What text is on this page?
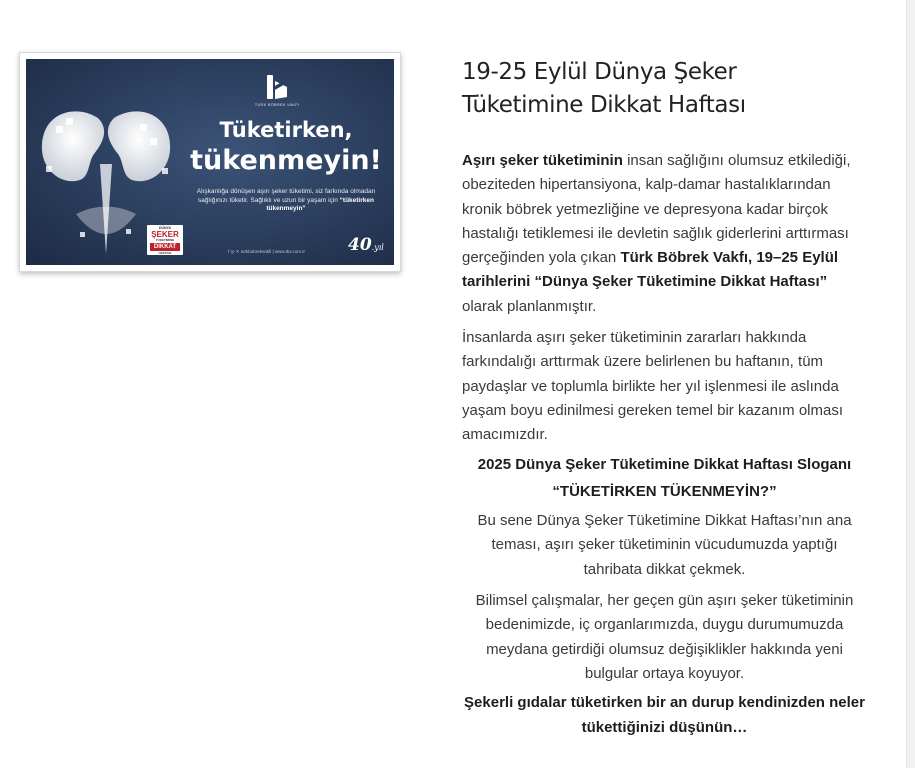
TÜRK BÖBREK VAKFI
Tüketirken,
tükenmeyin!
Alışkanlığa dönüşen aşırı şeker tüketimi, siz farkında olmadan sağlığınızı tüketir. Sağlıklı ve uzun bir yaşam için “tüketirken tükenmeyin”
DÜNYA
ŞEKER
TÜKETİMİNE
DİKKAT
HAFTASI	f ◎ ✕ turkbobrekvakfi | www.tbv.com.tr	40.yıl
19-25 Eylül Dünya Şeker
Tüketimine Dikkat Haftası

Aşırı şeker tüketiminin insan sağlığını olumsuz etkilediği, obeziteden hipertansiyona, kalp-damar hastalıklarından kronik böbrek yetmezliğine ve depresyona kadar birçok hastalığı tetiklemesi ile devletin sağlık giderlerini arttırması gerçeğinden yola çıkan Türk Böbrek Vakfı, 19–25 Eylül tarihlerini “Dünya Şeker Tüketimine Dikkat Haftası” olarak planlanmıştır.

İnsanlarda aşırı şeker tüketiminin zararları hakkında farkındalığı arttırmak üzere belirlenen bu haftanın, tüm paydaşlar ve toplumla birlikte her yıl işlenmesi ile aslında yaşam boyu edinilmesi gereken temel bir kazanım olması amacımızdır.

2025 Dünya Şeker Tüketimine Dikkat Haftası Sloganı

“TÜKETİRKEN TÜKENMEYİN?”

Bu sene Dünya Şeker Tüketimine Dikkat Haftası’nın ana teması, aşırı şeker tüketiminin vücudumuzda yaptığı tahribata dikkat çekmek.

Bilimsel çalışmalar, her geçen gün aşırı şeker tüketiminin bedenimizde, iç organlarımızda, duygu durumumuzda meydana getirdiği olumsuz değişiklikler hakkında yeni bulgular ortaya koyuyor.

Şekerli gıdalar tüketirken bir an durup kendinizden neler tükettiğinizi düşünün…
